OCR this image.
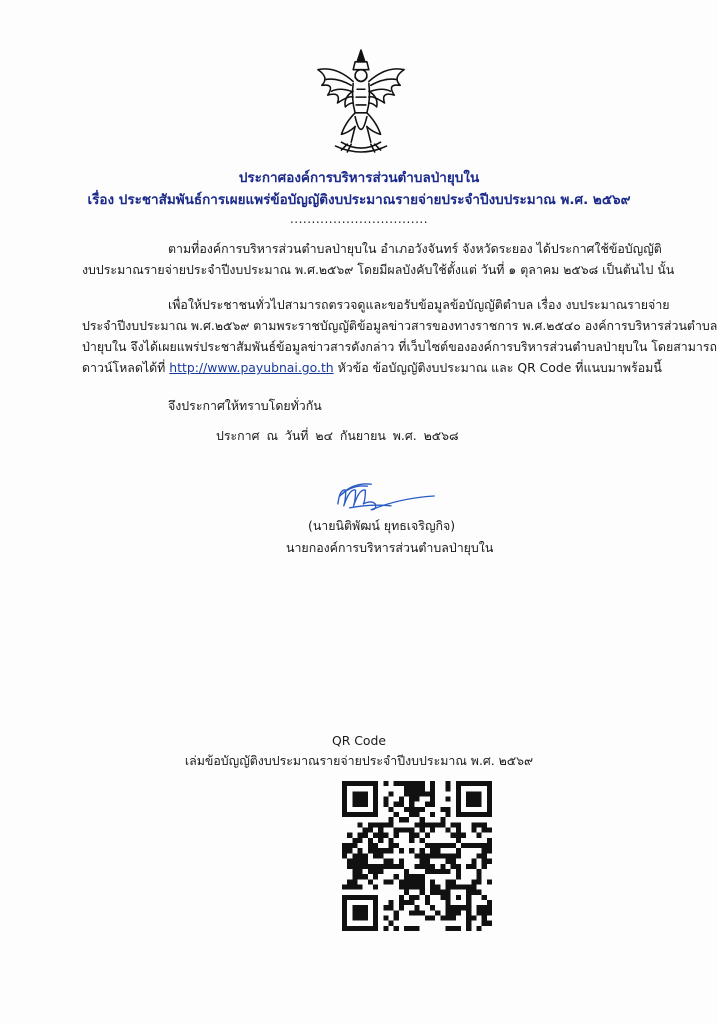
ประกาศองค์การบริหารส่วนตำบลป่ายุบใน
เรื่อง ประชาสัมพันธ์การเผยแพร่ข้อบัญญัติงบประมาณรายจ่ายประจำปีงบประมาณ พ.ศ. ๒๕๖๙
................................
ตามที่องค์การบริหารส่วนตำบลป่ายุบใน อำเภอวังจันทร์ จังหวัดระยอง ได้ประกาศใช้ข้อบัญญัติ
งบประมาณรายจ่ายประจำปีงบประมาณ พ.ศ.๒๕๖๙ โดยมีผลบังคับใช้ตั้งแต่ วันที่ ๑ ตุลาคม ๒๕๖๘ เป็นต้นไป นั้น
เพื่อให้ประชาชนทั่วไปสามารถตรวจดูและขอรับข้อมูลข้อบัญญัติตำบล เรื่อง งบประมาณรายจ่าย
ประจำปีงบประมาณ พ.ศ.๒๕๖๙ ตามพระราชบัญญัติข้อมูลข่าวสารของทางราชการ พ.ศ.๒๕๔๐ องค์การบริหารส่วนตำบล
ป่ายุบใน จึงได้เผยแพร่ประชาสัมพันธ์ข้อมูลข่าวสารดังกล่าว ที่เว็บไซต์ขององค์การบริหารส่วนตำบลป่ายุบใน โดยสามารถ
ดาวน์โหลดได้ที่ http://www.payubnai.go.th หัวข้อ ข้อบัญญัติงบประมาณ และ QR Code ที่แนบมาพร้อมนี้
จึงประกาศให้ทราบโดยทั่วกัน
ประกาศ ณ วันที่ ๒๔ กันยายน พ.ศ. ๒๕๖๘
(นายนิติพัฒน์ ยุทธเจริญกิจ)
นายกองค์การบริหารส่วนตำบลป่ายุบใน
QR Code
เล่มข้อบัญญัติงบประมาณรายจ่ายประจำปีงบประมาณ พ.ศ. ๒๕๖๙
